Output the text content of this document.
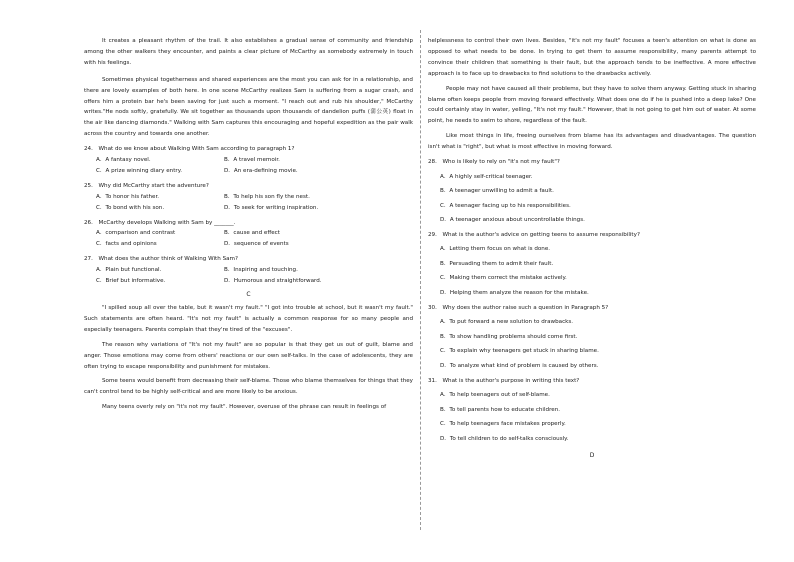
It creates a pleasant rhythm of the trail. It also establishes a gradual sense of community and friendship among the other walkers they encounter, and paints a clear picture of McCarthy as somebody extremely in touch with his feelings.

Sometimes physical togetherness and shared experiences are the most you can ask for in a relationship, and there are lovely examples of both here. In one scene McCarthy realizes Sam is suffering from a sugar crash, and offers him a protein bar he's been saving for just such a moment. "I reach out and rub his shoulder," McCarthy writes."He nods softly, gratefully. We sit together as thousands upon thousands of dandelion puffs (蒲公英) float in the air like dancing diamonds." Walking with Sam captures this encouraging and hopeful expedition as the pair walk across the country and towards one another.

24． What do we know about Walking With Sam according to paragraph 1?

A．A fantasy novel.	B．A travel memoir.
C．A prize winning diary entry.	D．An era-defining movie.

25． Why did McCarthy start the adventure?

A．To honor his father.	B．To help his son fly the nest.
C．To bond with his son.	D．To seek for writing inspiration.

26． McCarthy develops Walking with Sam by _______.

A．comparison and contrast	B．cause and effect
C．facts and opinions	D．sequence of events

27． What does the author think of Walking With Sam?

A．Plain but functional.	B．Inspiring and touching.
C．Brief but informative.	D．Humorous and straightforward.
C

"I spilled soup all over the table, but it wasn't my fault." "I got into trouble at school, but it wasn't my fault." Such statements are often heard. "It's not my fault" is actually a common response for so many people and especially teenagers. Parents complain that they're tired of the "excuses".

The reason why variations of "It's not my fault" are so popular is that they get us out of guilt, blame and anger. Those emotions may come from others' reactions or our own self-talks. In the case of adolescents, they are often trying to escape responsibility and punishment for mistakes.

Some teens would benefit from decreasing their self-blame. Those who blame themselves for things that they can't control tend to be highly self-critical and are more likely to be anxious.

Many teens overly rely on "it's not my fault". However, overuse of the phrase can result in feelings of

helplessness to control their own lives. Besides, "it's not my fault" focuses a teen's attention on what is done as opposed to what needs to be done. In trying to get them to assume responsibility, many parents attempt to convince their children that something is their fault, but the approach tends to be ineffective. A more effective approach is to face up to drawbacks to find solutions to the drawbacks actively.

People may not have caused all their problems, but they have to solve them anyway. Getting stuck in sharing blame often keeps people from moving forward effectively. What does one do if he is pushed into a deep lake? One could certainly stay in water, yelling, "It's not my fault." However, that is not going to get him out of water. At some point, he needs to swim to shore, regardless of the fault.

Like most things in life, freeing ourselves from blame has its advantages and disadvantages. The question isn't what is "right", but what is most effective in moving forward.

28． Who is likely to rely on "it's not my fault"?

A．A highly self-critical teenager.
B．A teenager unwilling to admit a fault.
C．A teenager facing up to his responsibilities.
D．A teenager anxious about uncontrollable things.

29． What is the author's advice on getting teens to assume responsibility?

A．Letting them focus on what is done.
B．Persuading them to admit their fault.
C．Making them correct the mistake actively.
D．Helping them analyze the reason for the mistake.

30． Why does the author raise such a question in Paragraph 5?

A．To put forward a new solution to drawbacks.
B．To show handling problems should come first.
C．To explain why teenagers get stuck in sharing blame.
D．To analyze what kind of problem is caused by others.

31． What is the author's purpose in writing this text?

A．To help teenagers out of self-blame.
B．To tell parents how to educate children.
C．To help teenagers face mistakes properly.
D．To tell children to do self-talks consciously.
D
